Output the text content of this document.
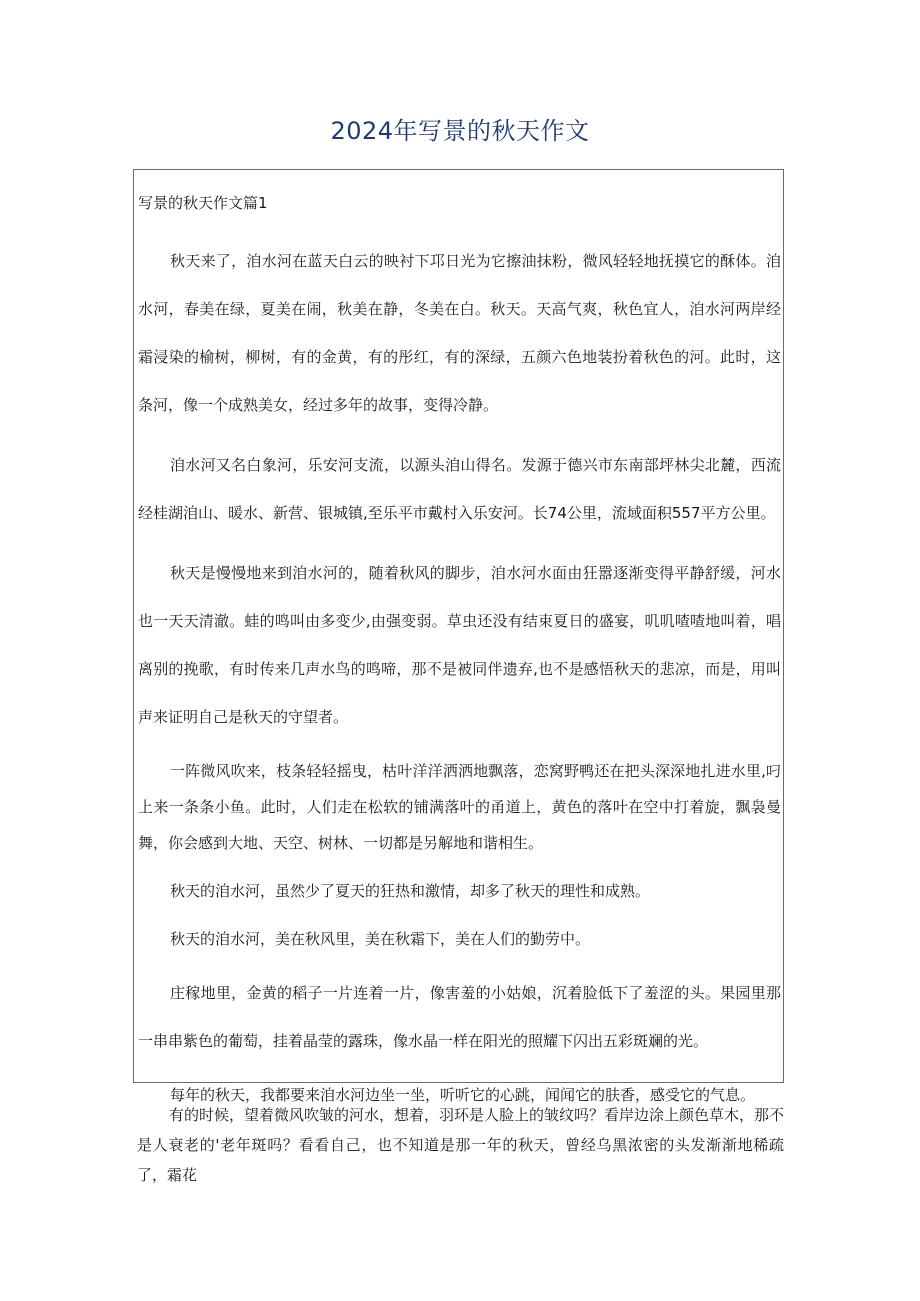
2024年写景的秋天作文
写景的秋天作文篇1

秋天来了，洎水河在蓝天白云的映衬下邛日光为它擦油抹粉，微风轻轻地抚摸它的酥体。洎水河，春美在绿，夏美在闹，秋美在静，冬美在白。秋天。天高气爽，秋色宜人，洎水河两岸经霜浸染的榆树，柳树，有的金黄，有的彤红，有的深绿，五颜六色地装扮着秋色的河。此时，这条河，像一个成熟美女，经过多年的故事，变得冷静。

洎水河又名白象河，乐安河支流，以源头洎山得名。发源于德兴市东南部坪林尖北麓，西流经桂湖洎山、暖水、新营、银城镇,至乐平市戴村入乐安河。长74公里，流域面积557平方公里。

秋天是慢慢地来到洎水河的，随着秋风的脚步，洎水河水面由狂嚣逐渐变得平静舒缓，河水也一天天清澈。蛙的鸣叫由多变少,由强变弱。草虫还没有结束夏日的盛宴，叽叽喳喳地叫着，唱离别的挽歌，有时传来几声水鸟的鸣啼，那不是被同伴遗弃,也不是感悟秋天的悲凉，而是，用叫声来证明自己是秋天的守望者。

一阵微风吹来，枝条轻轻摇曳，枯叶洋洋洒洒地飘落，恋窝野鸭还在把头深深地扎进水里,叼上来一条条小鱼。此时，人们走在松软的铺满落叶的甬道上，黄色的落叶在空中打着旋，飘袅曼舞，你会感到大地、天空、树林、一切都是另解地和谐相生。

秋天的洎水河，虽然少了夏天的狂热和激情，却多了秋天的理性和成熟。

秋天的洎水河，美在秋风里，美在秋霜下，美在人们的勤劳中。

庄稼地里，金黄的稻子一片连着一片，像害羞的小姑娘，沉着脸低下了羞涩的头。果园里那一串串紫色的葡萄，挂着晶莹的露珠，像水晶一样在阳光的照耀下闪出五彩斑斓的光。

每年的秋天，我都要来洎水河边坐一坐，听听它的心跳，闻闻它的肤香，感受它的气息。

有的时候，望着微风吹皱的河水，想着，羽环是人脸上的皱纹吗？看岸边涂上颜色草木，那不是人衰老的'老年斑吗？看看自己，也不知道是那一年的秋天，曾经乌黑浓密的头发渐渐地稀疏了，霜花
